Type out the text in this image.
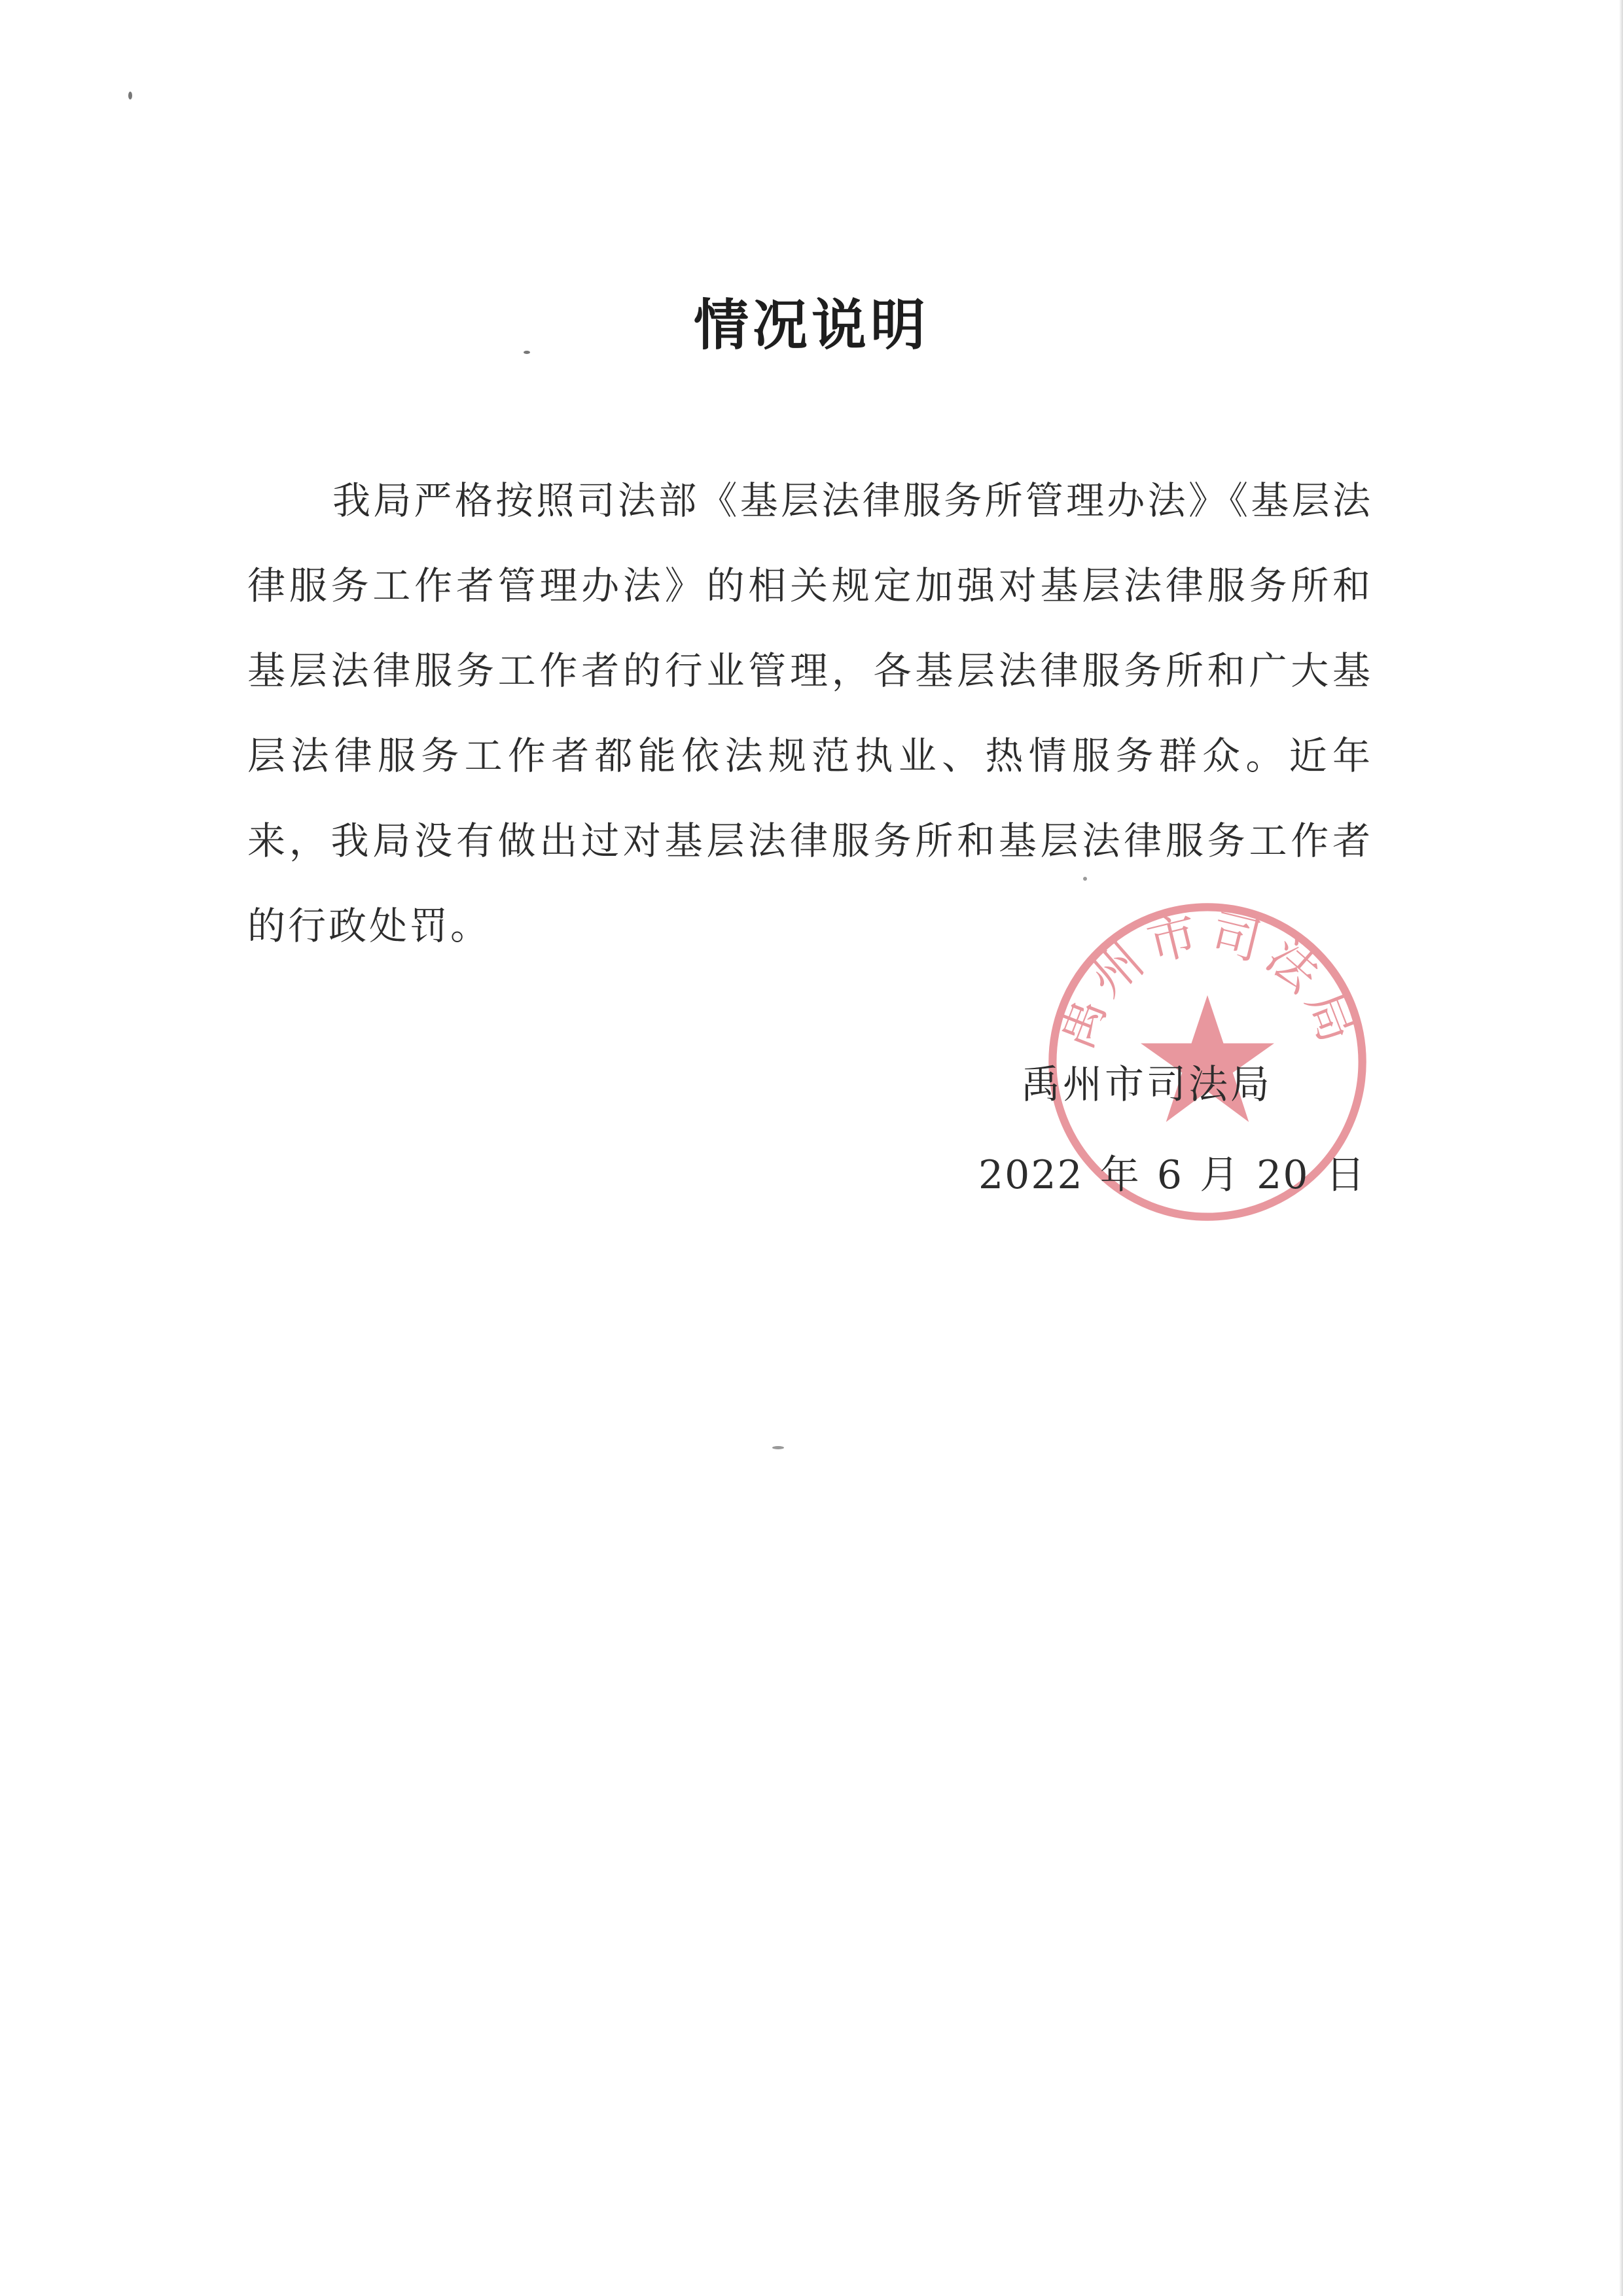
情况说明

我局严格按照司法部《基层法律服务所管理办法》《基层法律服务工作者管理办法》的相关规定加强对基层法律服务所和基层法律服务工作者的行业管理，各基层法律服务所和广大基层法律服务工作者都能依法规范执业、热情服务群众。近年来，我局没有做出过对基层法律服务所和基层法律服务工作者的行政处罚。

禹州市司法局
禹州市司法局
2022 年 6 月 20 日
